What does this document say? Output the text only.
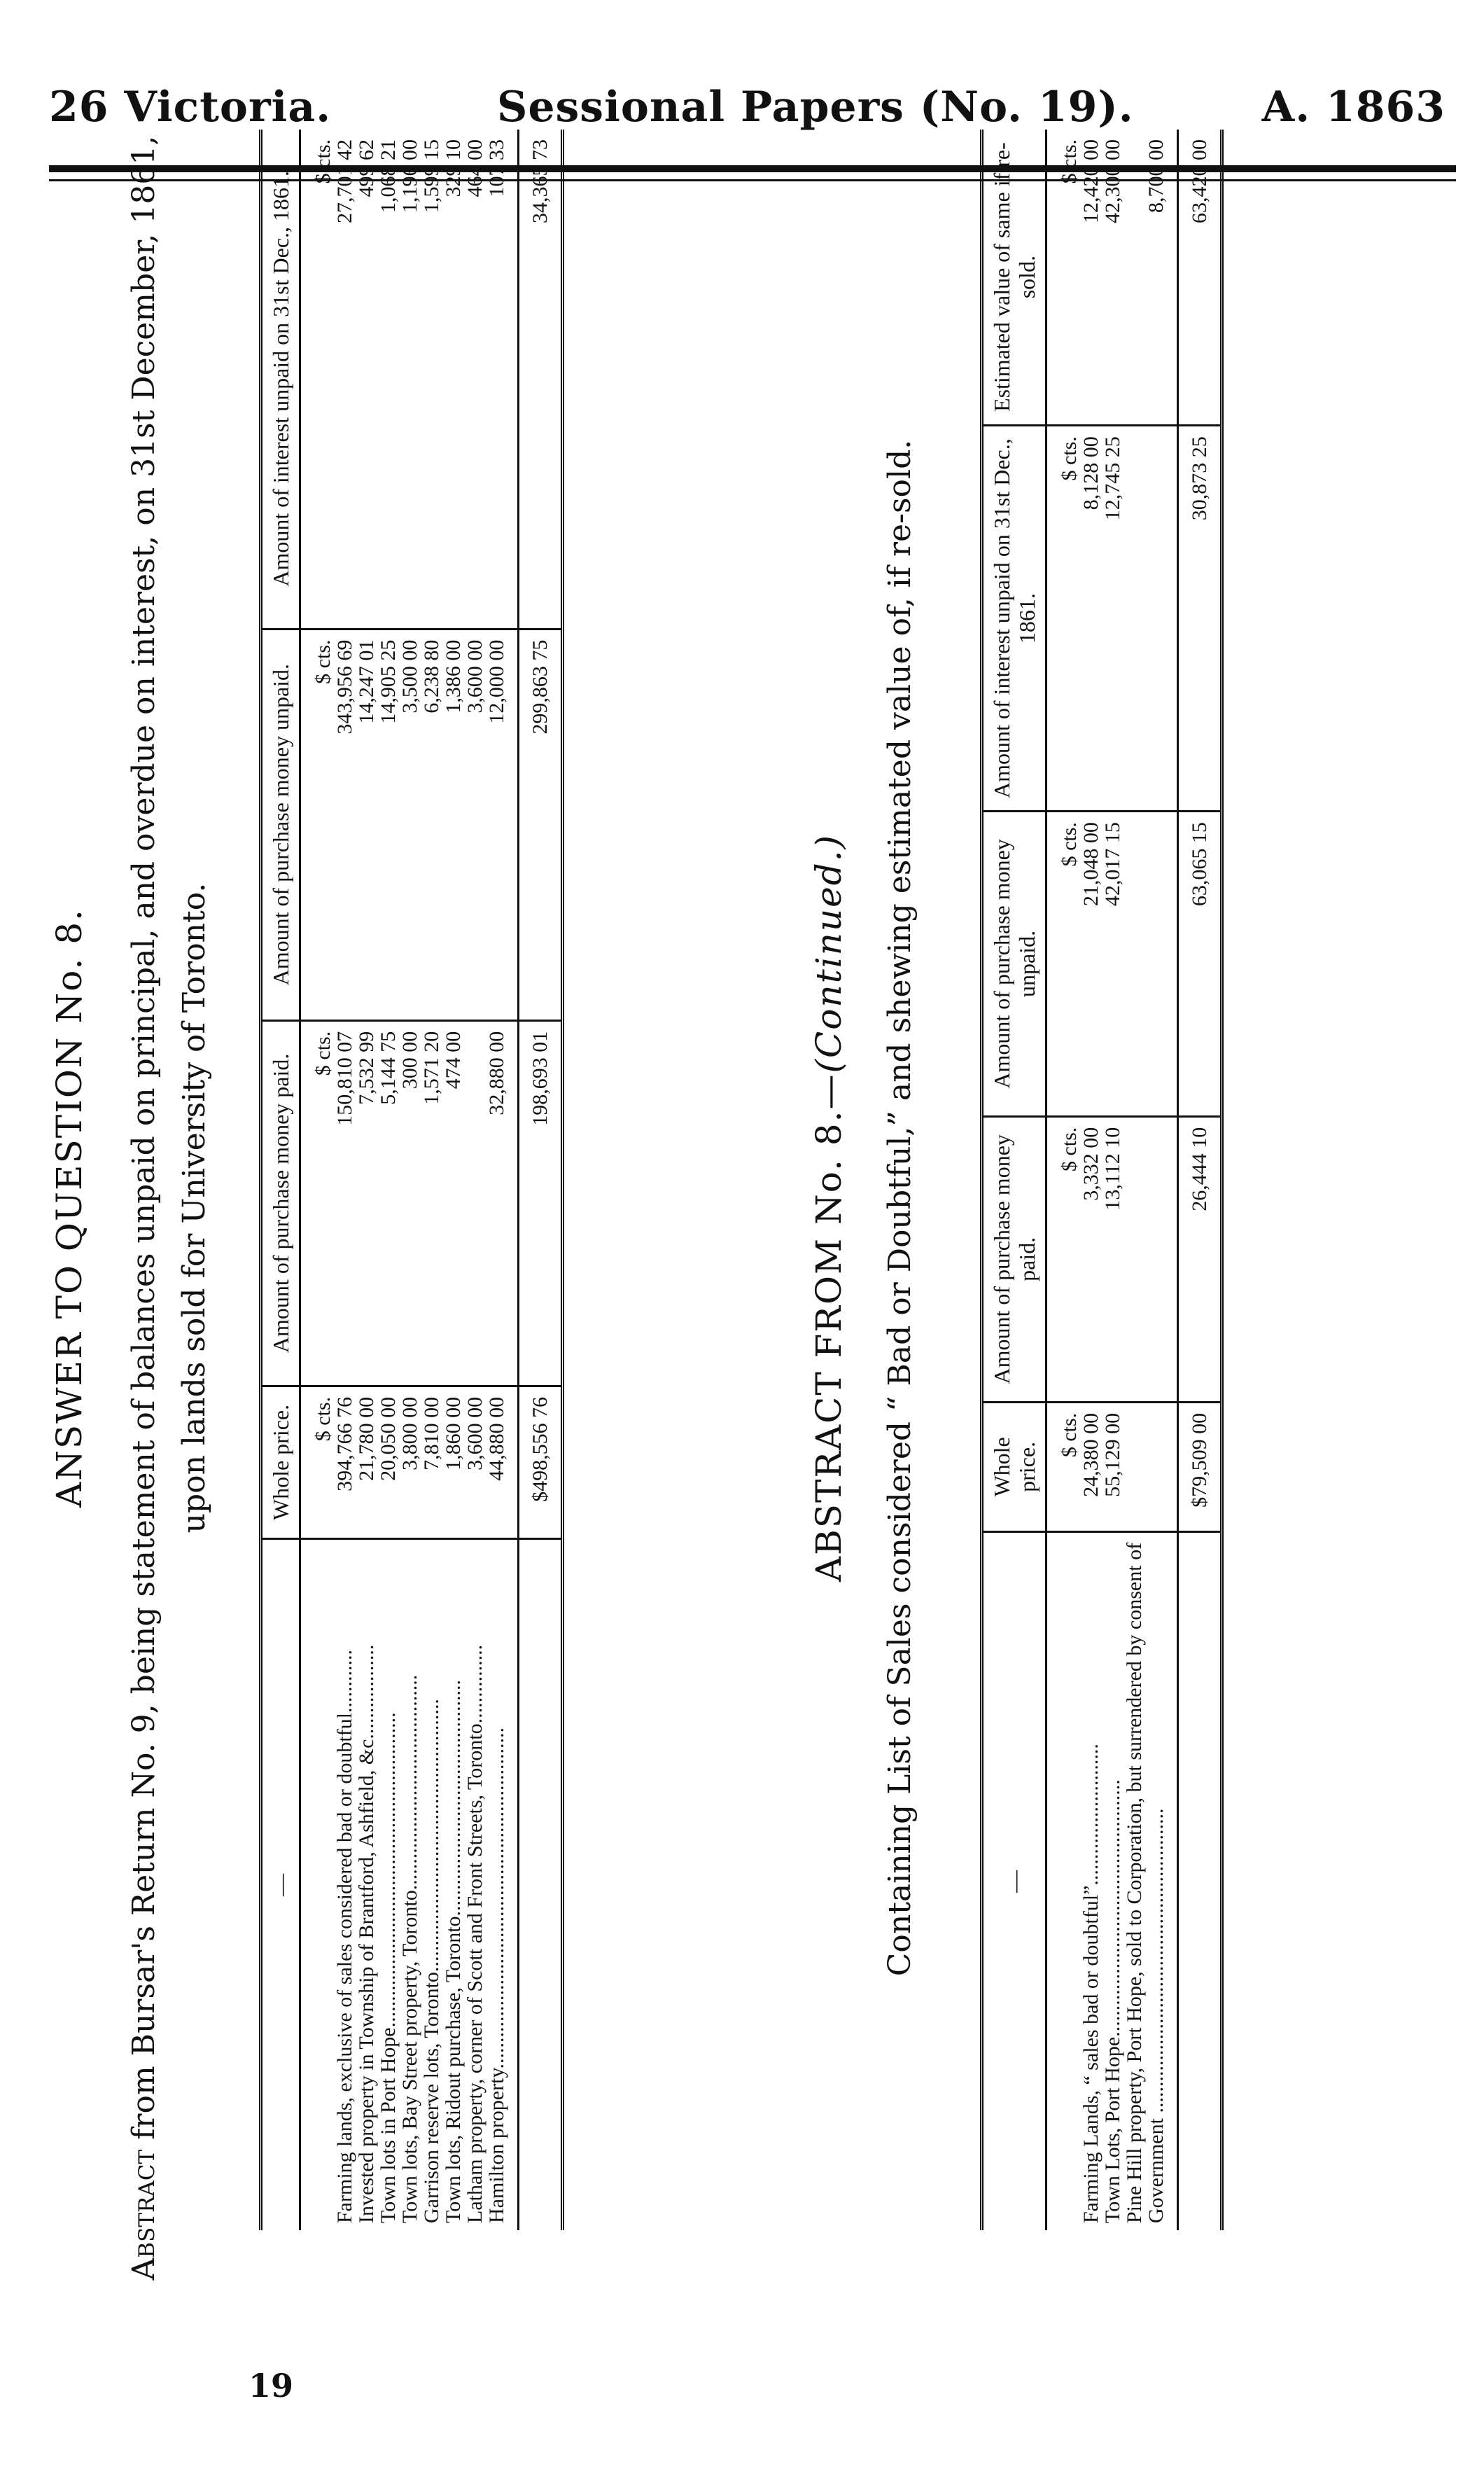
26 Victoria.	Sessional Papers (No. 19).	A. 1863
ANSWER TO QUESTION No. 8.
Abstract from Bursar's Return No. 9, being statement of balances unpaid on principal, and overdue on interest, on 31st December, 1861, upon lands sold for University of Toronto.
—	Whole price.	Amount of purchase money paid.	Amount of purchase money unpaid.	Amount of interest unpaid on 31st Dec., 1861.
	$ cts.	$ cts.	$ cts.	$ cts.
Farming lands, exclusive of sales considered bad or doubtful............	394,766 76	150,810 07	343,956 69	27,701 42
Invested property in Township of Brantford, Ashfield, &c..................	21,780 00	7,532 99	14,247 01	499 62
Town lots in Port Hope............................................................	20,050 00	5,144 75	14,905 25	1,068 21
Town lots, Bay Street property, Toronto.........................................	3,800 00	300 00	3,500 00	1,196 00
Garrison reserve lots, Toronto....................................................	7,810 00	1,571 20	6,238 80	1,599 15
Town lots, Ridout purchase, Toronto.............................................	1,860 00	474 00	1,386 00	329 10
Latham property, corner of Scott and Front Streets, Toronto...............	3,600 00		3,600 00	464 00
Hamilton property.................................................................	44,880 00	32,880 00	12,000 00	107 33
	$498,556 76	198,693 01	299,863 75	34,365 73
ABSTRACT FROM No. 8.—(Continued.) Containing List of Sales considered “ Bad or Doubtful,” and shewing estimated value of, if re-sold.	—	Whole price.	Amount of purchase money paid.	Amount of purchase money unpaid.	Amount of interest unpaid on 31st Dec., 1861.	Estimated value of same if re-sold.
	$ cts.	$ cts.	$ cts.	$ cts.	$ cts.
Farming Lands, “ sales bad or doubtful”...........................	24,380 00	3,332 00	21,048 00	8,128 00	12,420 00
Town Lots, Port Hope.................................................	55,129 00	13,112 10	42,017 15	12,745 25	42,300 00
Pine Hill property, Port Hope, sold to Corporation, but surrendered by consent of					
Government ..........................................................					8,700 00
	$79,509 00	26,444 10	63,065 15	30,873 25	63,420 00
19
